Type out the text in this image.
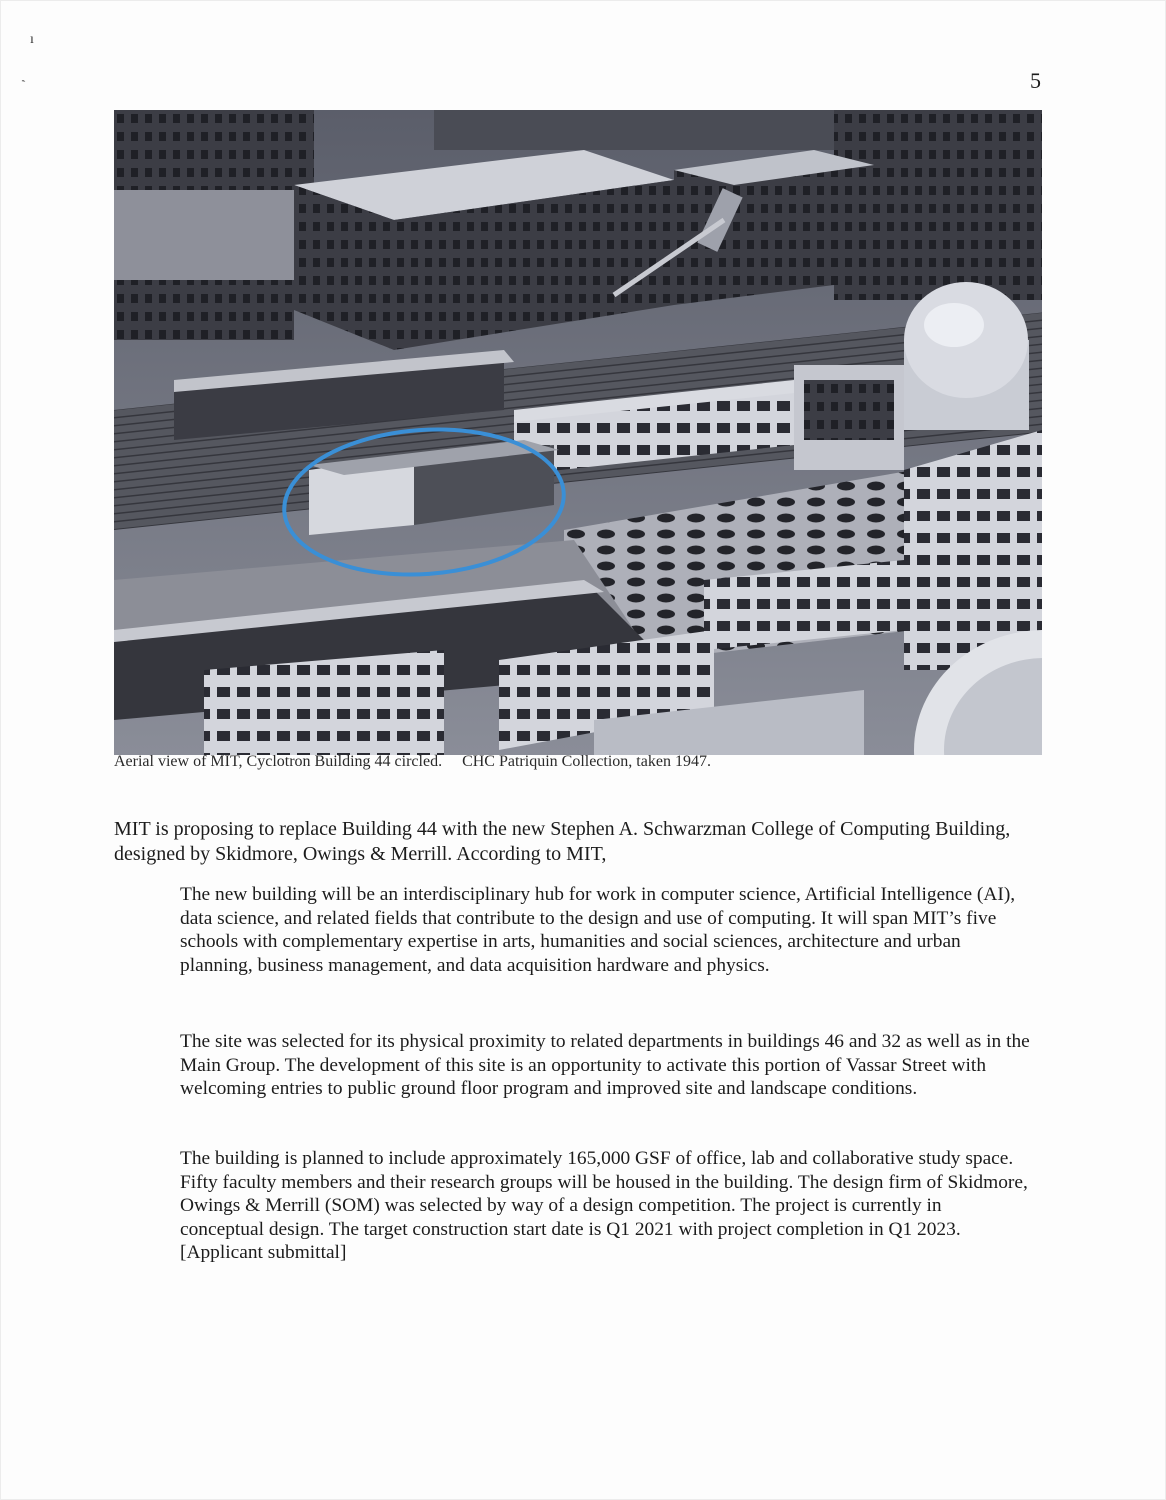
ı
ˋ	5
Aerial view of MIT, Cyclotron Building 44 circled. CHC Patriquin Collection, taken 1947.

MIT is proposing to replace Building 44 with the new Stephen A. Schwarzman College of Computing Building, designed by Skidmore, Owings & Merrill. According to MIT,

The new building will be an interdisciplinary hub for work in computer science, Artificial Intelligence (AI), data science, and related fields that contribute to the design and use of computing. It will span MIT’s five schools with complementary expertise in arts, humanities and social sciences, architecture and urban planning, business management, and data acquisition hardware and physics.

The site was selected for its physical proximity to related departments in buildings 46 and 32 as well as in the Main Group. The development of this site is an opportunity to activate this portion of Vassar Street with welcoming entries to public ground floor program and improved site and landscape conditions.

The building is planned to include approximately 165,000 GSF of office, lab and collaborative study space. Fifty faculty members and their research groups will be housed in the building. The design firm of Skidmore, Owings & Merrill (SOM) was selected by way of a design competition. The project is currently in conceptual design. The target construction start date is Q1 2021 with project completion in Q1 2023. [Applicant submittal]
